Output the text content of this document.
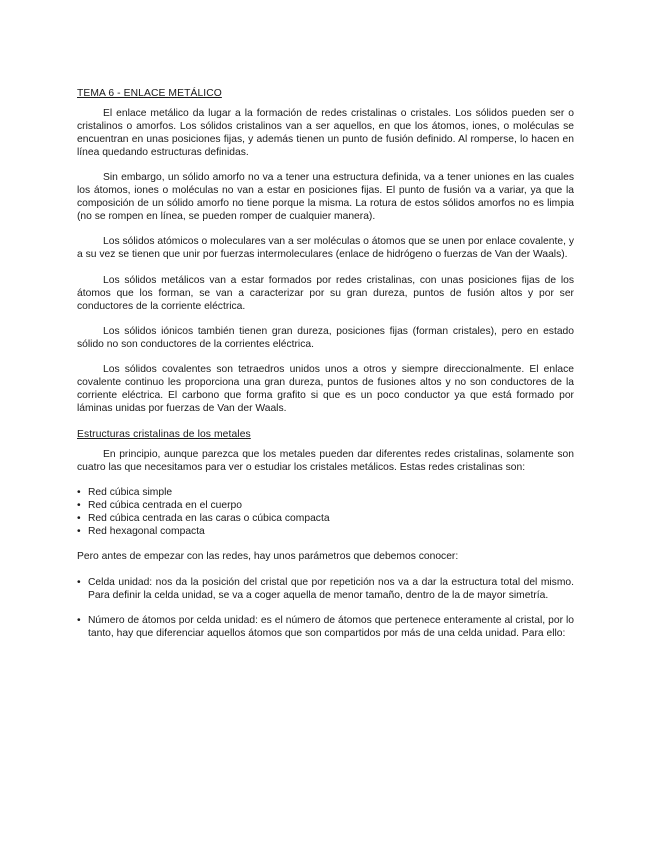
TEMA 6 - ENLACE METÁLICO

El enlace metálico da lugar a la formación de redes cristalinas o cristales. Los sólidos pueden ser o cristalinos o amorfos. Los sólidos cristalinos van a ser aquellos, en que los átomos, iones, o moléculas se encuentran en unas posiciones fijas, y además tienen un punto de fusión definido. Al romperse, lo hacen en línea quedando estructuras definidas.

Sin embargo, un sólido amorfo no va a tener una estructura definida, va a tener uniones en las cuales los átomos, iones o moléculas no van a estar en posiciones fijas. El punto de fusión va a variar, ya que la composición de un sólido amorfo no tiene porque la misma. La rotura de estos sólidos amorfos no es limpia (no se rompen en línea, se pueden romper de cualquier manera).

Los sólidos atómicos o moleculares van a ser moléculas o átomos que se unen por enlace covalente, y a su vez se tienen que unir por fuerzas intermoleculares (enlace de hidrógeno o fuerzas de Van der Waals).

Los sólidos metálicos van a estar formados por redes cristalinas, con unas posiciones fijas de los átomos que los forman, se van a caracterizar por su gran dureza, puntos de fusión altos y por ser conductores de la corriente eléctrica.

Los sólidos iónicos también tienen gran dureza, posiciones fijas (forman cristales), pero en estado sólido no son conductores de la corrientes eléctrica.

Los sólidos covalentes son tetraedros unidos unos a otros y siempre direccionalmente. El enlace covalente continuo les proporciona una gran dureza, puntos de fusiones altos y no son conductores de la corriente eléctrica. El carbono que forma grafito si que es un poco conductor ya que está formado por láminas unidas por fuerzas de Van der Waals.

Estructuras cristalinas de los metales

En principio, aunque parezca que los metales pueden dar diferentes redes cristalinas, solamente son cuatro las que necesitamos para ver o estudiar los cristales metálicos. Estas redes cristalinas son:

• Red cúbica simple
• Red cúbica centrada en el cuerpo
• Red cúbica centrada en las caras o cúbica compacta
• Red hexagonal compacta

Pero antes de empezar con las redes, hay unos parámetros que debemos conocer:

• Celda unidad: nos da la posición del cristal que por repetición nos va a dar la estructura total del mismo. Para definir la celda unidad, se va a coger aquella de menor tamaño, dentro de la de mayor simetría.
• Número de átomos por celda unidad: es el número de átomos que pertenece enteramente al cristal, por lo tanto, hay que diferenciar aquellos átomos que son compartidos por más de una celda unidad. Para ello:
